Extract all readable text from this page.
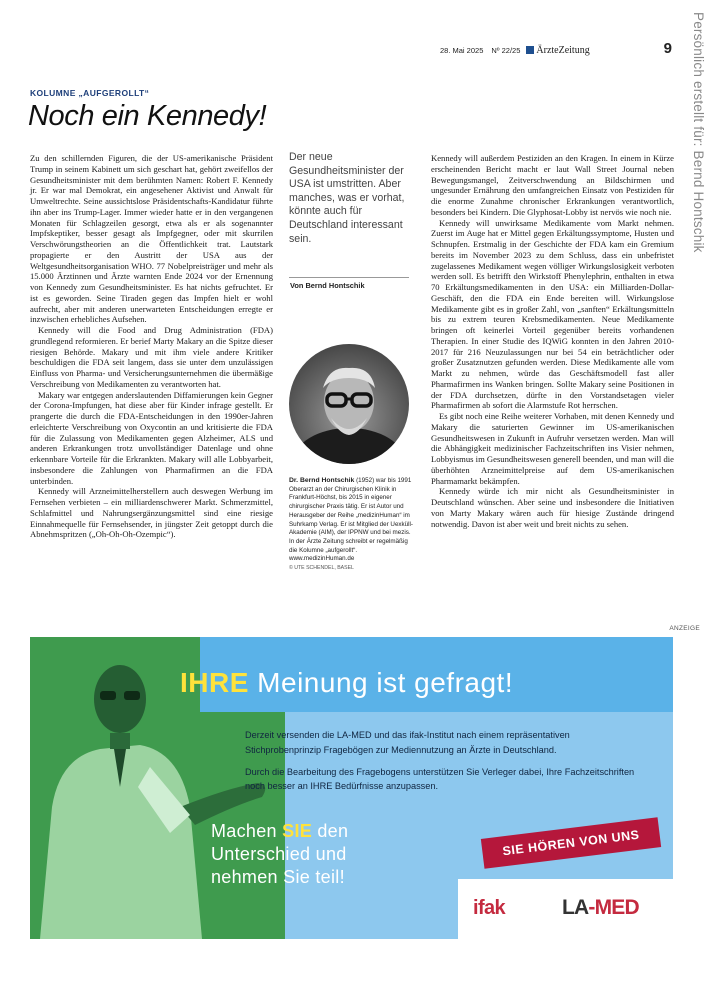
Persönlich erstellt für: Bernd Hontschik
28. Mai 2025 Nº 22/25 ÄrzteZeitung	9
KOLUMNE „AUFGEROLLT“
Noch ein Kennedy!

Zu den schillernden Figuren, die der US-amerikanische Präsident Trump in seinem Kabinett um sich geschart hat, gehört zweifellos der Gesundheitsminister mit dem berühmten Namen: Robert F. Kennedy jr. Er war mal Demokrat, ein angesehener Aktivist und Anwalt für Umweltrechte. Seine aussichtslose Präsidentschafts-Kandidatur führte ihn aber ins Trump-Lager. Immer wieder hatte er in den vergangenen Monaten für Schlagzeilen gesorgt, etwa als er als sogenannter Impfskeptiker, besser gesagt als Impfgegner, oder mit skurrilen Verschwörungstheorien an die Öffentlichkeit trat. Lautstark propagierte er den Austritt der USA aus der Weltgesundheitsorganisation WHO. 77 Nobelpreisträger und mehr als 15.000 Ärztinnen und Ärzte warnten Ende 2024 vor der Ernennung von Kennedy zum Gesundheitsminister. Es hat nichts gefruchtet. Er ist es geworden. Seine Tiraden gegen das Impfen hielt er wohl aufrecht, aber mit anderen unerwarteten Entscheidungen erregte er inzwischen erhebliches Aufsehen.

Kennedy will die Food and Drug Administration (FDA) grundlegend reformieren. Er berief Marty Makary an die Spitze dieser riesigen Behörde. Makary und mit ihm viele andere Kritiker beschuldigen die FDA seit langem, dass sie unter dem unzulässigen Einfluss von Pharma- und Versicherungsunternehmen die übermäßige Verschreibung von Medikamenten zu verantworten hat.

Makary war entgegen anderslautenden Diffamierungen kein Gegner der Corona-Impfungen, hat diese aber für Kinder infrage gestellt. Er prangerte die durch die FDA-Entscheidungen in den 1990er-Jahren erleichterte Verschreibung von Oxycontin an und kritisierte die FDA für die Zulassung von Medikamenten gegen Alzheimer, ALS und anderen Erkrankungen trotz unvollständiger Datenlage und ohne erkennbare Vorteile für die Erkrankten. Makary will alle Lobbyarbeit, insbesondere die Zahlungen von Pharmafirmen an die FDA unterbinden.

Kennedy will Arzneimittelherstellern auch deswegen Werbung im Fernsehen verbieten – ein milliardenschwerer Markt. Schmerzmittel, Schlafmittel und Nahrungsergänzungsmittel sind eine riesige Einnahmequelle für Fernsehsender, in jüngster Zeit getoppt durch die Abnehmspritzen („Oh-Oh-Oh-Ozempic“).

Der neue Gesundheitsminister der USA ist umstritten. Aber manches, was er vorhat, könnte auch für Deutschland interessant sein.
Von Bernd Hontschik
Dr. Bernd Hontschik (1952) war bis 1991 Oberarzt an der Chirurgischen Klinik in Frankfurt-Höchst, bis 2015 in eigener chirurgischer Praxis tätig. Er ist Autor und Herausgeber der Reihe „medizinHuman“ im Suhrkamp Verlag. Er ist Mitglied der Uexküll-Akademie (AIM), der IPPNW und bei mezis. In der Ärzte Zeitung schreibt er regelmäßig die Kolumne „aufgerollt“.
www.medizinHuman.de
© UTE SCHENDEL, BASEL

Kennedy will außerdem Pestiziden an den Kragen. In einem in Kürze erscheinenden Bericht macht er laut Wall Street Journal neben Bewegungsmangel, Zeitverschwendung an Bildschirmen und ungesunder Ernährung den umfangreichen Einsatz von Pestiziden für die enorme Zunahme chronischer Erkrankungen verantwortlich, besonders bei Kindern. Die Glyphosat-Lobby ist nervös wie noch nie.

Kennedy will unwirksame Medikamente vom Markt nehmen. Zuerst im Auge hat er Mittel gegen Erkältungssymptome, Husten und Schnupfen. Erstmalig in der Geschichte der FDA kam ein Gremium bereits im November 2023 zu dem Schluss, dass ein unbefristet zugelassenes Medikament wegen völliger Wirkungslosigkeit verboten werden soll. Es betrifft den Wirkstoff Phenylephrin, enthalten in etwa 70 Erkältungsmedikamenten in den USA: ein Milliarden-Dollar-Geschäft, den die FDA ein Ende bereiten will. Wirkungslose Medikamente gibt es in großer Zahl, von „sanften“ Erkältungsmitteln bis zu extrem teuren Krebsmedikamenten. Neue Medikamente bringen oft keinerlei Vorteil gegenüber bereits vorhandenen Therapien. In einer Studie des IQWiG konnten in den Jahren 2010-2017 für 216 Neuzulassungen nur bei 54 ein beträchtlicher oder großer Zusatznutzen gefunden werden. Diese Medikamente alle vom Markt zu nehmen, würde das Geschäftsmodell fast aller Pharmafirmen ins Wanken bringen. Sollte Makary seine Positionen in der FDA durchsetzen, dürfte in den Vorstandsetagen vieler Pharmafirmen ab sofort die Alarmstufe Rot herrschen.

Es gibt noch eine Reihe weiterer Vorhaben, mit denen Kennedy und Makary die saturierten Gewinner im US-amerikanischen Gesundheitswesen in Zukunft in Aufruhr versetzen werden. Man will die Abhängigkeit medizinischer Fachzeitschriften ins Visier nehmen, Lobbyismus im Gesundheitswesen generell beenden, und man will die überhöhten Arzneimittelpreise auf dem US-amerikanischen Pharmamarkt bekämpfen.

Kennedy würde ich mir nicht als Gesundheitsminister in Deutschland wünschen. Aber seine und insbesondere die Initiativen von Marty Makary wären auch für hiesige Zustände dringend notwendig. Davon ist aber weit und breit nichts zu sehen.

ANZEIGE
IHRE Meinung ist gefragt!

Derzeit versenden die LA-MED und das ifak-Institut nach einem repräsentativen Stichprobenprinzip Fragebögen zur Mediennutzung an Ärzte in Deutschland.

Durch die Bearbeitung des Fragebogens unterstützen Sie Verleger dabei, Ihre Fachzeitschriften noch besser an IHRE Bedürfnisse anzupassen.

Machen SIE den
Unterschied und
nehmen Sie teil!
SIE HÖREN VON UNS
ifak	LA-MED
